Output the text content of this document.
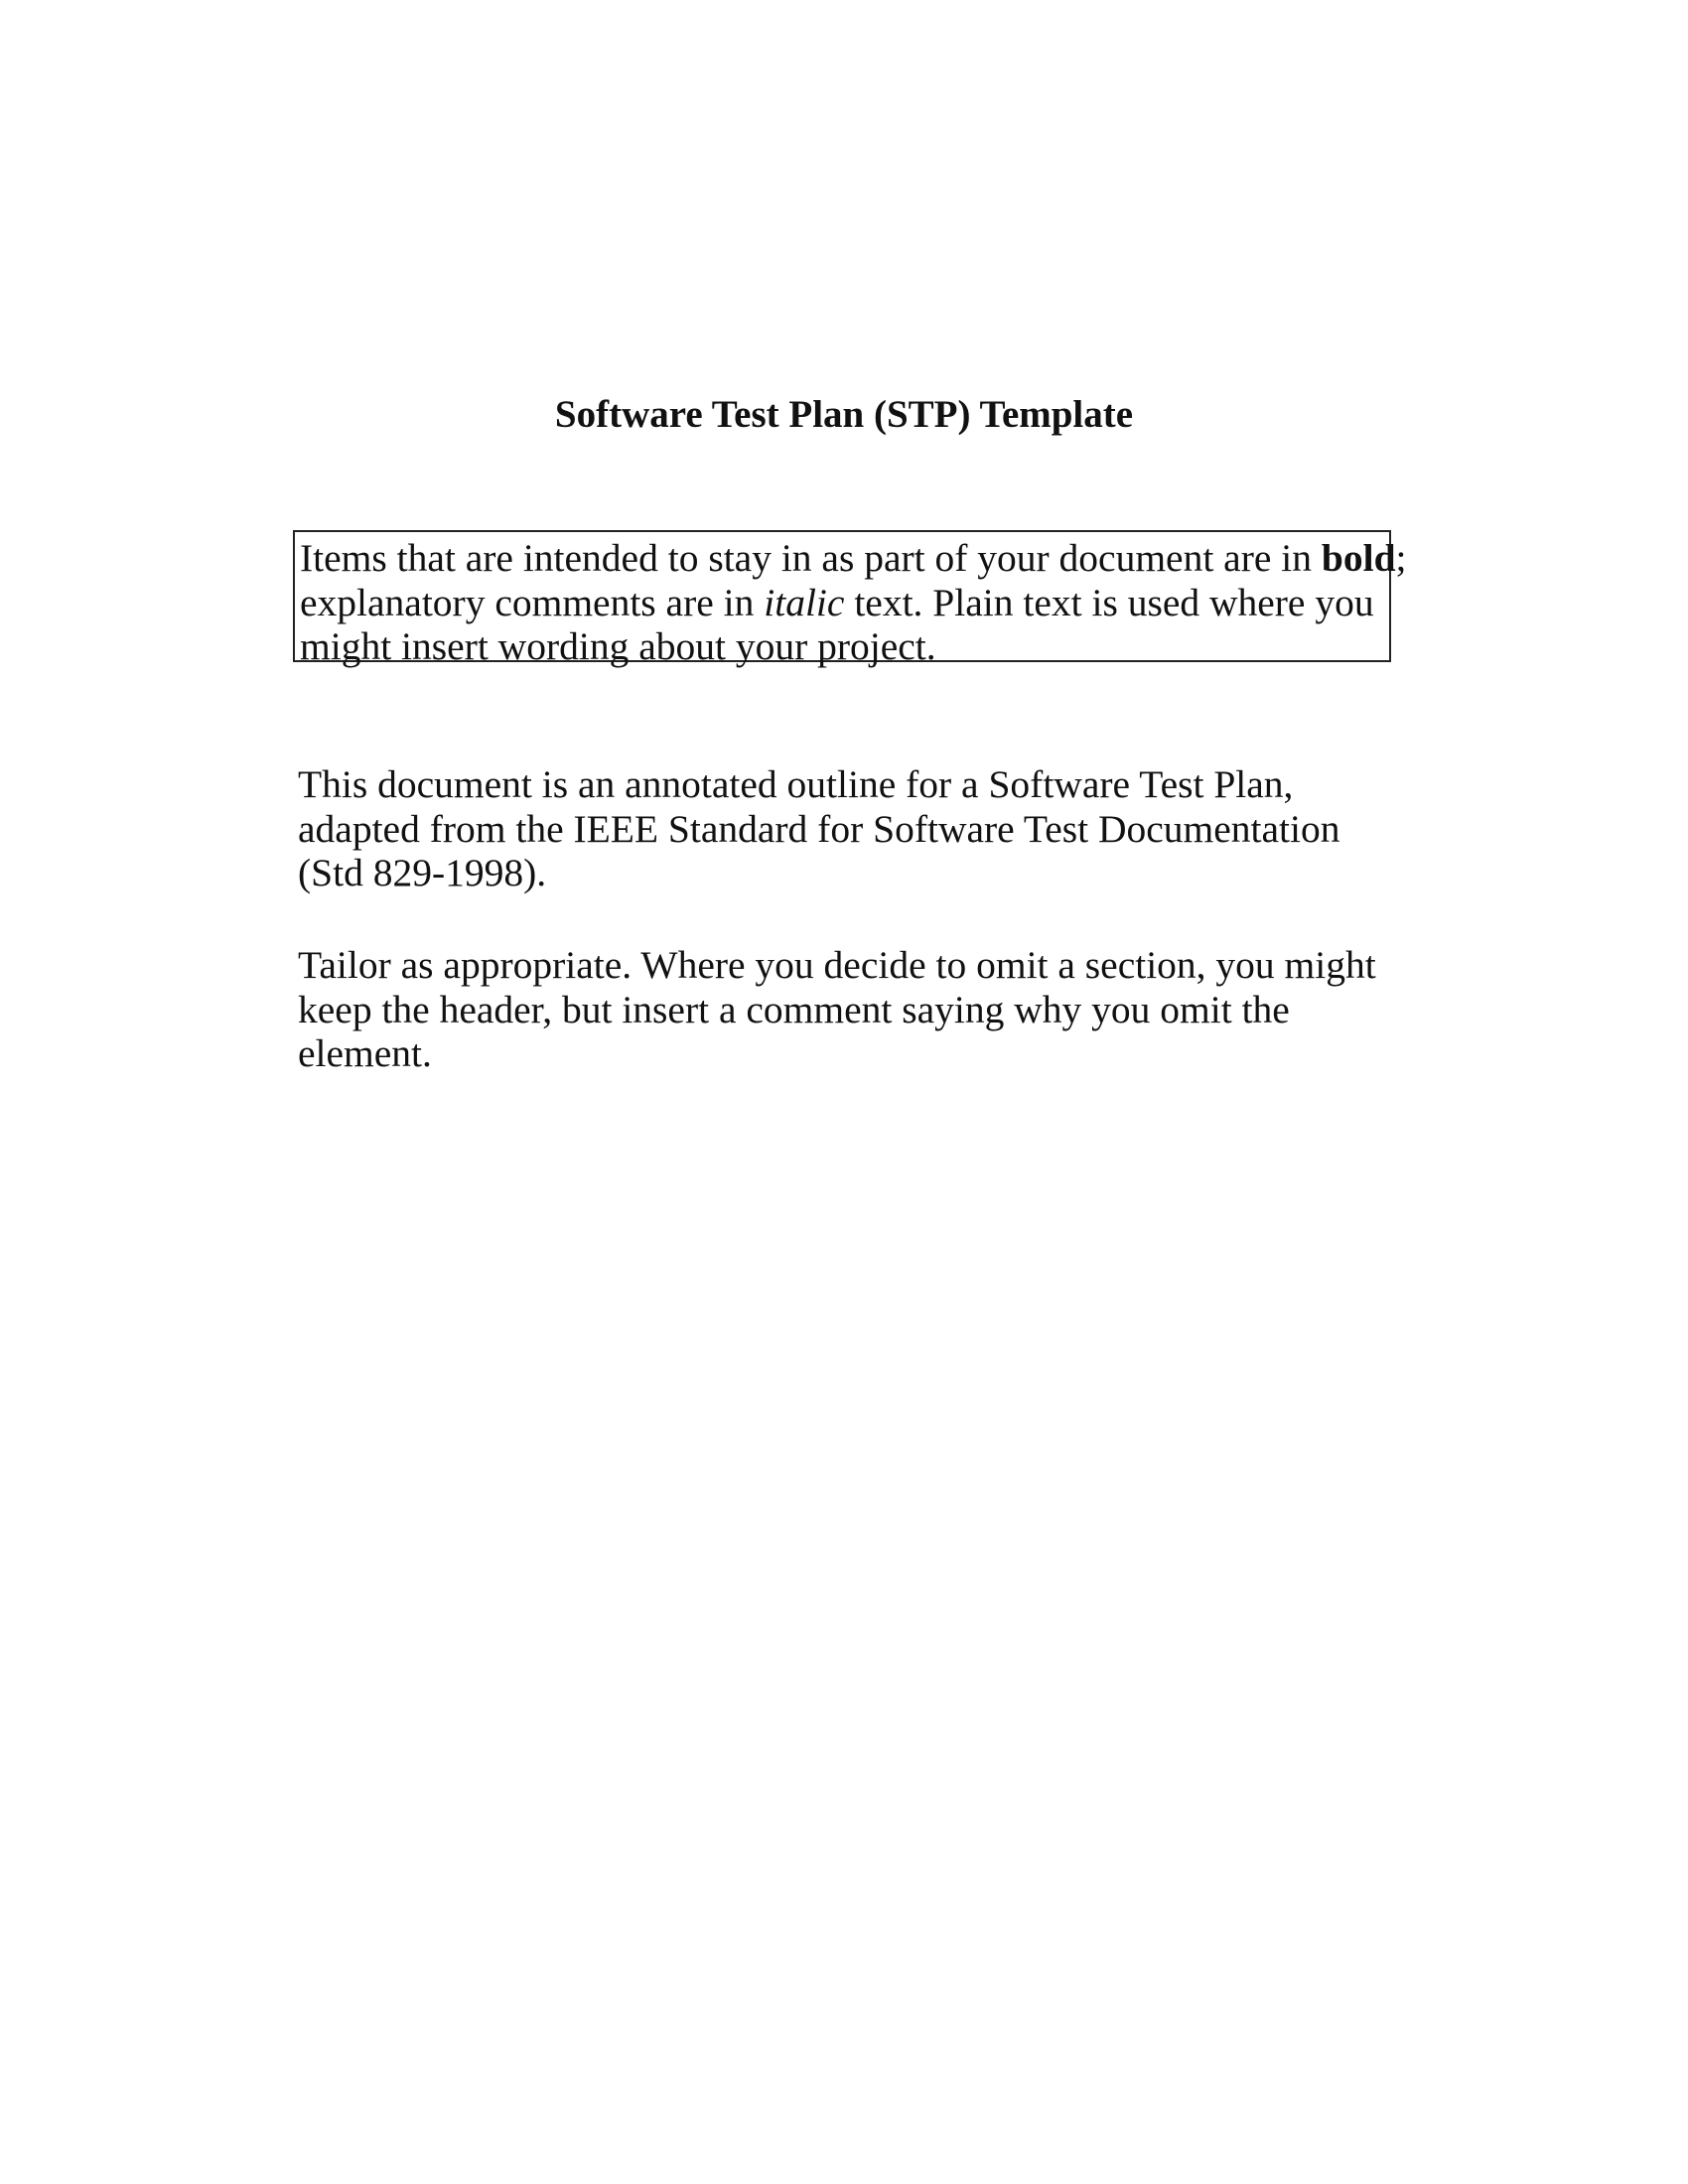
Software Test Plan (STP) Template
Items that are intended to stay in as part of your document are in bold;
explanatory comments are in italic text. Plain text is used where you
might insert wording about your project.
This document is an annotated outline for a Software Test Plan,
adapted from the IEEE Standard for Software Test Documentation
(Std 829-1998).
Tailor as appropriate. Where you decide to omit a section, you might
keep the header, but insert a comment saying why you omit the
element.
